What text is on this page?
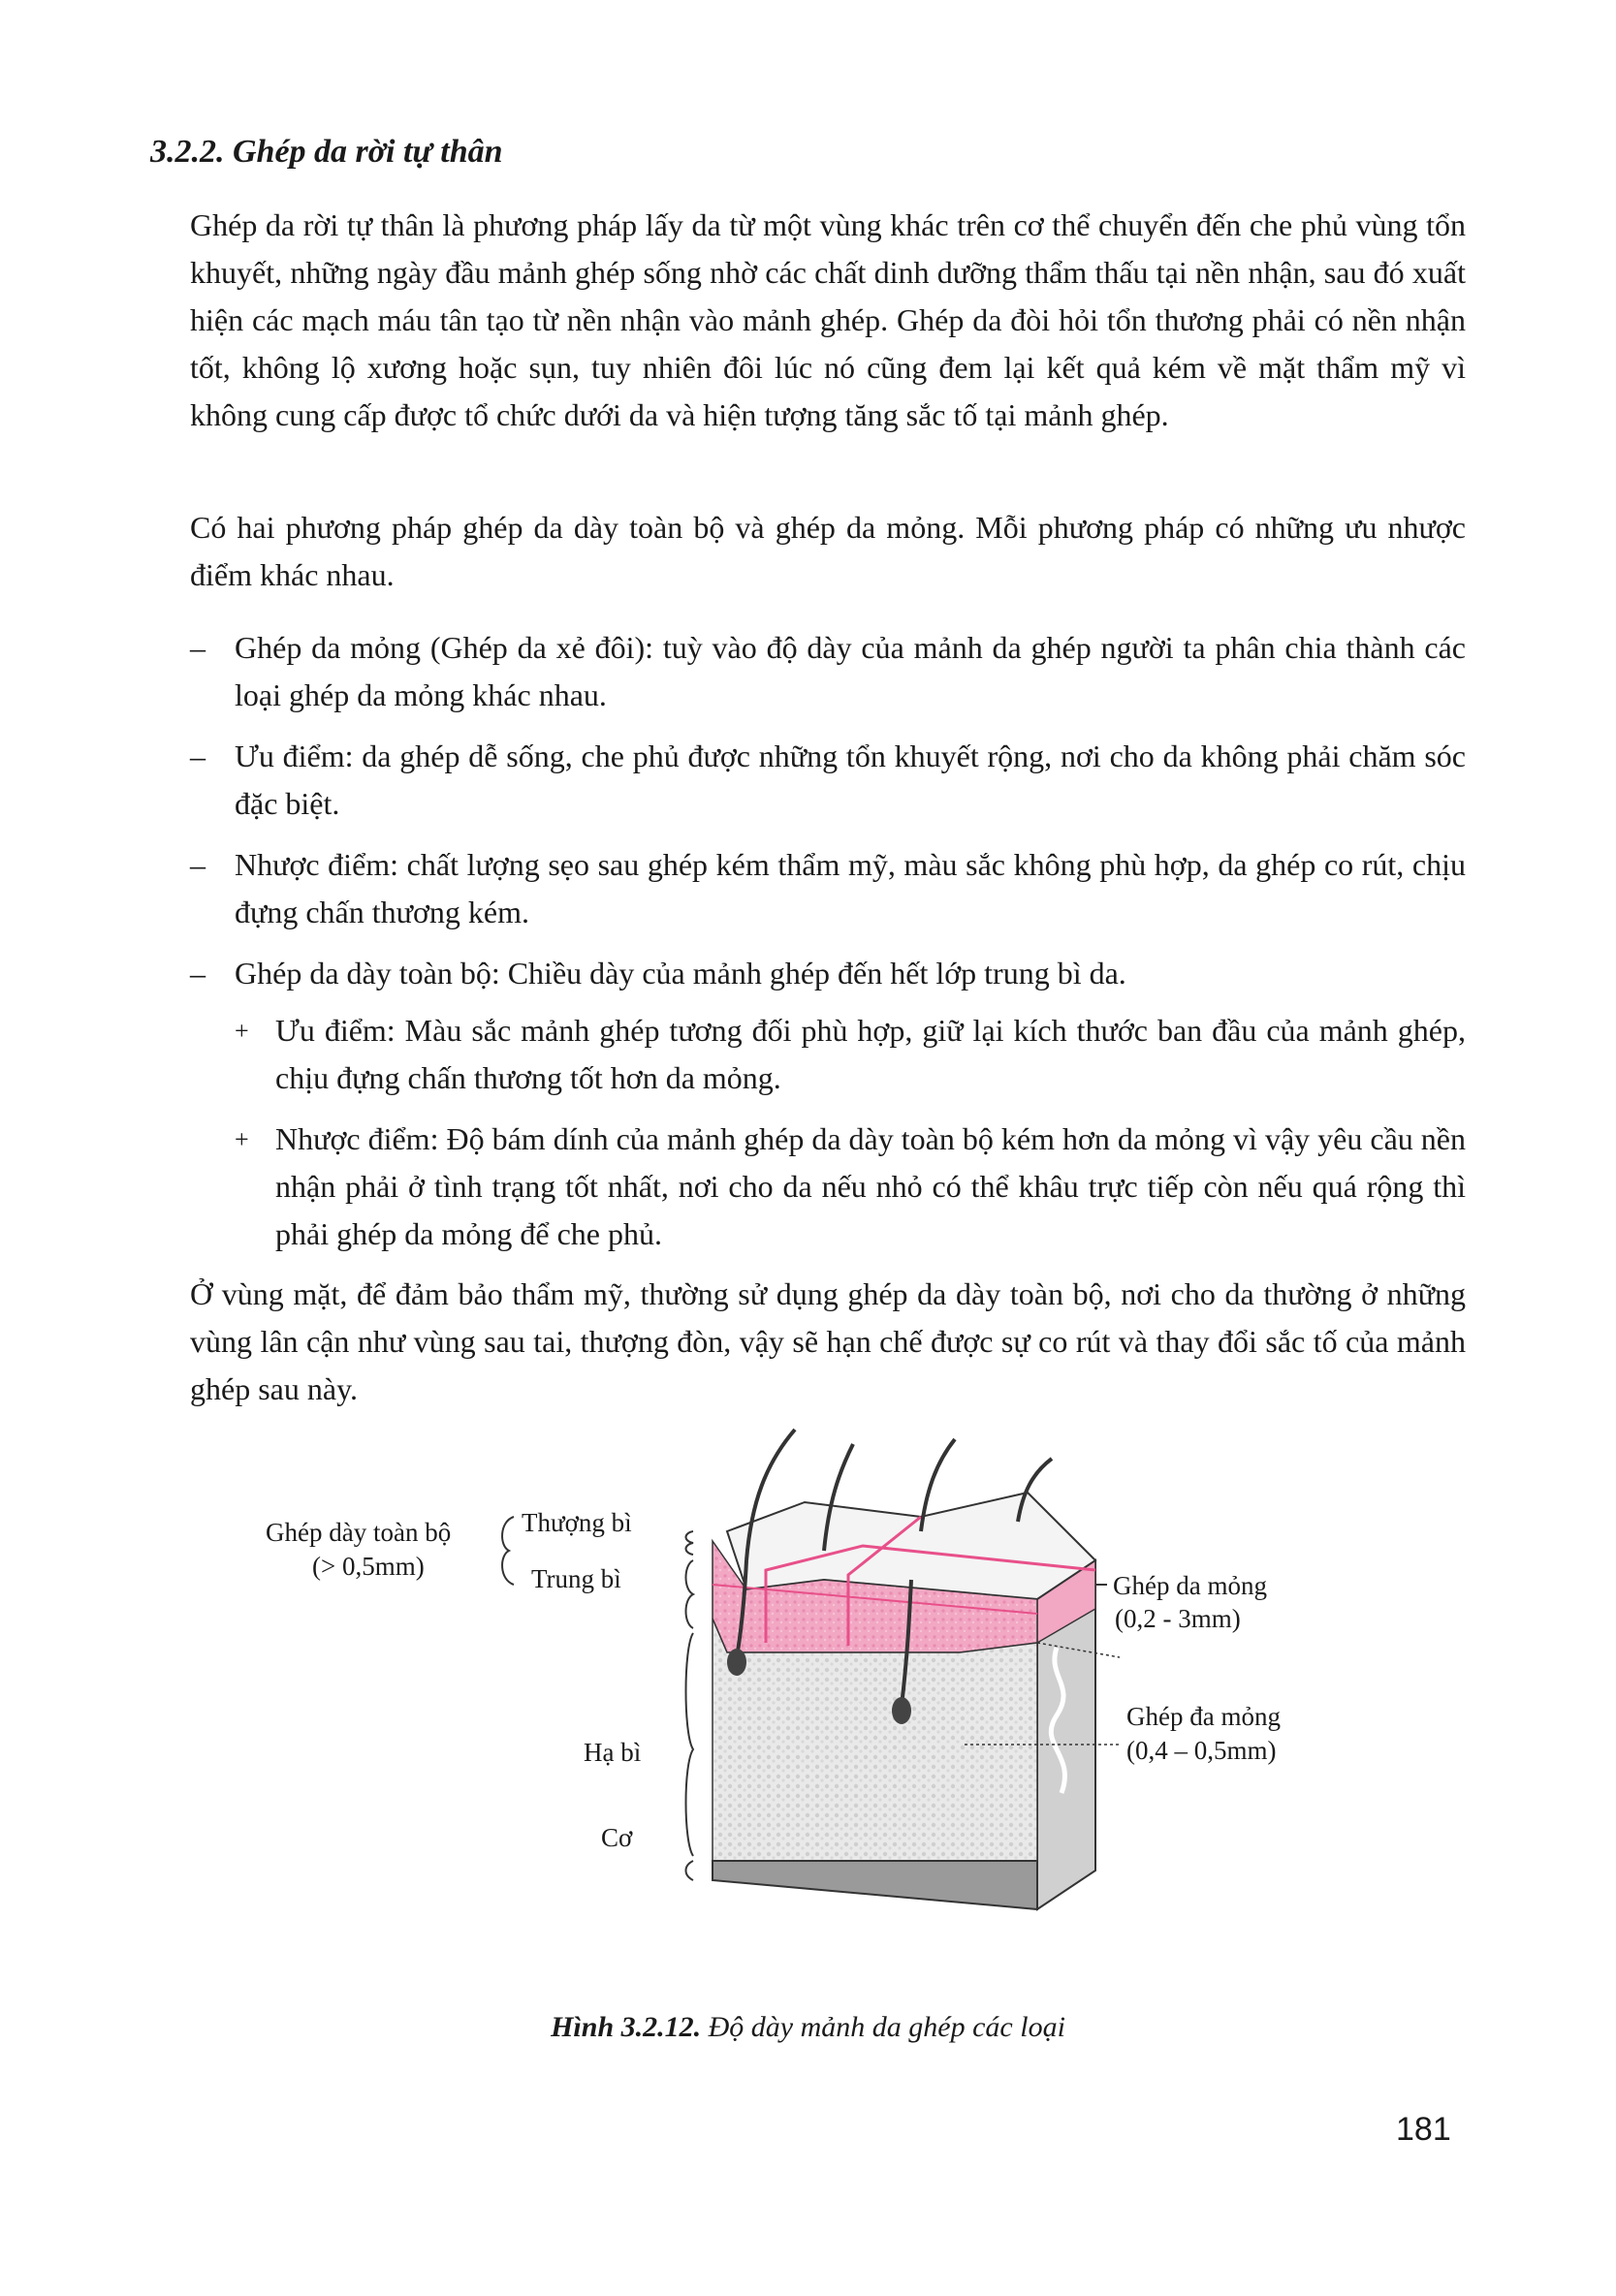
3.2.2. Ghép da rời tự thân

Ghép da rời tự thân là phương pháp lấy da từ một vùng khác trên cơ thể chuyển đến che phủ vùng tổn khuyết, những ngày đầu mảnh ghép sống nhờ các chất dinh dưỡng thẩm thấu tại nền nhận, sau đó xuất hiện các mạch máu tân tạo từ nền nhận vào mảnh ghép. Ghép da đòi hỏi tổn thương phải có nền nhận tốt, không lộ xương hoặc sụn, tuy nhiên đôi lúc nó cũng đem lại kết quả kém về mặt thẩm mỹ vì không cung cấp được tổ chức dưới da và hiện tượng tăng sắc tố tại mảnh ghép.

Có hai phương pháp ghép da dày toàn bộ và ghép da mỏng. Mỗi phương pháp có những ưu nhược điểm khác nhau.

– Ghép da mỏng (Ghép da xẻ đôi): tuỳ vào độ dày của mảnh da ghép người ta phân chia thành các loại ghép da mỏng khác nhau.
– Ưu điểm: da ghép dễ sống, che phủ được những tổn khuyết rộng, nơi cho da không phải chăm sóc đặc biệt.
– Nhược điểm: chất lượng sẹo sau ghép kém thẩm mỹ, màu sắc không phù hợp, da ghép co rút, chịu đựng chấn thương kém.
– Ghép da dày toàn bộ: Chiều dày của mảnh ghép đến hết lớp trung bì da.
+ Ưu điểm: Màu sắc mảnh ghép tương đối phù hợp, giữ lại kích thước ban đầu của mảnh ghép, chịu đựng chấn thương tốt hơn da mỏng.
+ Nhược điểm: Độ bám dính của mảnh ghép da dày toàn bộ kém hơn da mỏng vì vậy yêu cầu nền nhận phải ở tình trạng tốt nhất, nơi cho da nếu nhỏ có thể khâu trực tiếp còn nếu quá rộng thì phải ghép da mỏng để che phủ.

Ở vùng mặt, để đảm bảo thẩm mỹ, thường sử dụng ghép da dày toàn bộ, nơi cho da thường ở những vùng lân cận như vùng sau tai, thượng đòn, vậy sẽ hạn chế được sự co rút và thay đổi sắc tố của mảnh ghép sau này.

Ghép dày toàn bộ
(> 0,5mm)
Thượng bì
Trung bì
Hạ bì
Cơ
Ghép da mỏng
(0,2 - 3mm)
Ghép đa mỏng
(0,4 – 0,5mm)
Hình 3.2.12. Độ dày mảnh da ghép các loại
181
